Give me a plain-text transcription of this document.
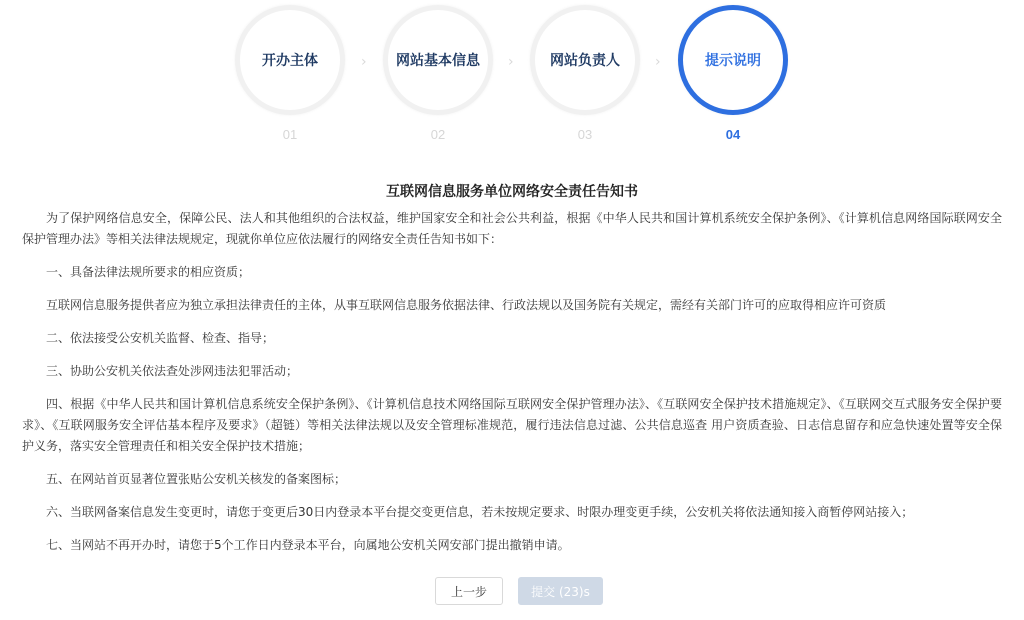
开办主体
01
› 网站基本信息
02
›	网站负责人
03
›	提示说明
04
互联网信息服务单位网络安全责任告知书

为了保护网络信息安全，保障公民、法人和其他组织的合法权益，维护国家安全和社会公共利益，根据《中华人民共和国计算机系统安全保护条例》、《计算机信息网络国际联网安全保护管理办法》等相关法律法规规定，现就你单位应依法履行的网络安全责任告知书如下：

一、具备法律法规所要求的相应资质；

互联网信息服务提供者应为独立承担法律责任的主体，从事互联网信息服务依据法律、行政法规以及国务院有关规定，需经有关部门许可的应取得相应许可资质

二、依法接受公安机关监督、检查、指导；

三、协助公安机关依法查处涉网违法犯罪活动；

四、根据《中华人民共和国计算机信息系统安全保护条例》、《计算机信息技术网络国际互联网安全保护管理办法》、《互联网安全保护技术措施规定》、《互联网交互式服务安全保护要求》、《互联网服务安全评估基本程序及要求》（超链）等相关法律法规以及安全管理标准规范，履行违法信息过滤、公共信息巡查 用户资质查验、日志信息留存和应急快速处置等安全保护义务，落实安全管理责任和相关安全保护技术措施；

五、在网站首页显著位置张贴公安机关核发的备案图标；

六、当联网备案信息发生变更时，请您于变更后30日内登录本平台提交变更信息，若未按规定要求、时限办理变更手续，公安机关将依法通知接入商暂停网站接入；

七、当网站不再开办时，请您于5个工作日内登录本平台，向属地公安机关网安部门提出撤销申请。

上一步	提交 (23)s
